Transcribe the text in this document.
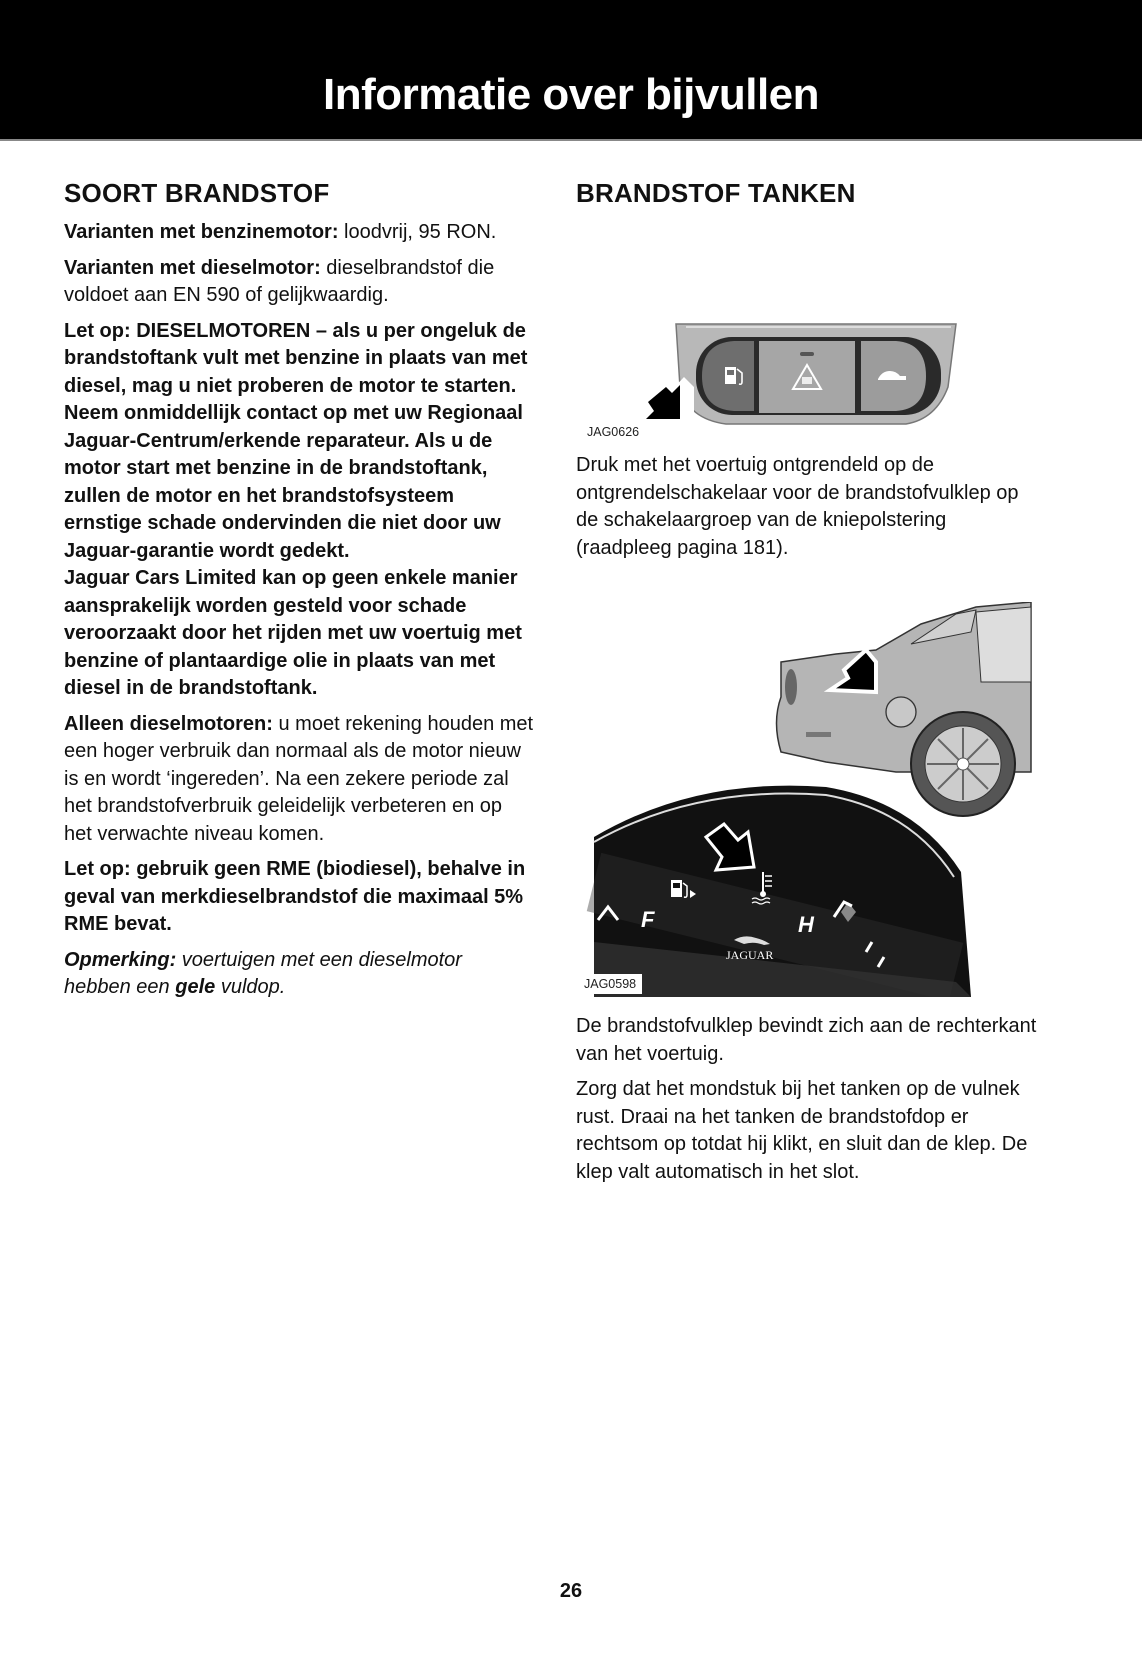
Informatie over bijvullen
SOORT BRANDSTOF

Varianten met benzinemotor: loodvrij, 95 RON.

Varianten met dieselmotor: dieselbrandstof die voldoet aan EN 590 of gelijkwaardig.

Let op: DIESELMOTOREN – als u per ongeluk de brandstoftank vult met benzine in plaats van met diesel, mag u niet proberen de motor te starten. Neem onmiddellijk contact op met uw Regionaal Jaguar-Centrum/erkende reparateur. Als u de motor start met benzine in de brandstoftank, zullen de motor en het brandstofsysteem ernstige schade ondervinden die niet door uw Jaguar-garantie wordt gedekt.

Jaguar Cars Limited kan op geen enkele manier aansprakelijk worden gesteld voor schade veroorzaakt door het rijden met uw voertuig met benzine of plantaardige olie in plaats van met diesel in de brandstoftank.

Alleen dieselmotoren: u moet rekening houden met een hoger verbruik dan normaal als de motor nieuw is en wordt ‘ingereden’. Na een zekere periode zal het brandstofverbruik geleidelijk verbeteren en op het verwachte niveau komen.

Let op: gebruik geen RME (biodiesel), behalve in geval van merkdieselbrandstof die maximaal 5% RME bevat.

Opmerking: voertuigen met een dieselmotor hebben een gele vuldop.

BRANDSTOF TANKEN
JAG0626

Druk met het voertuig ontgrendeld op de ontgrendelschakelaar voor de brandstofvulklep op de schakelaargroep van de kniepolstering (raadpleeg pagina 181).

F	H
JAGUAR
JAG0598

De brandstofvulklep bevindt zich aan de rechterkant van het voertuig.

Zorg dat het mondstuk bij het tanken op de vulnek rust. Draai na het tanken de brandstofdop er rechtsom op totdat hij klikt, en sluit dan de klep. De klep valt automatisch in het slot.

26
